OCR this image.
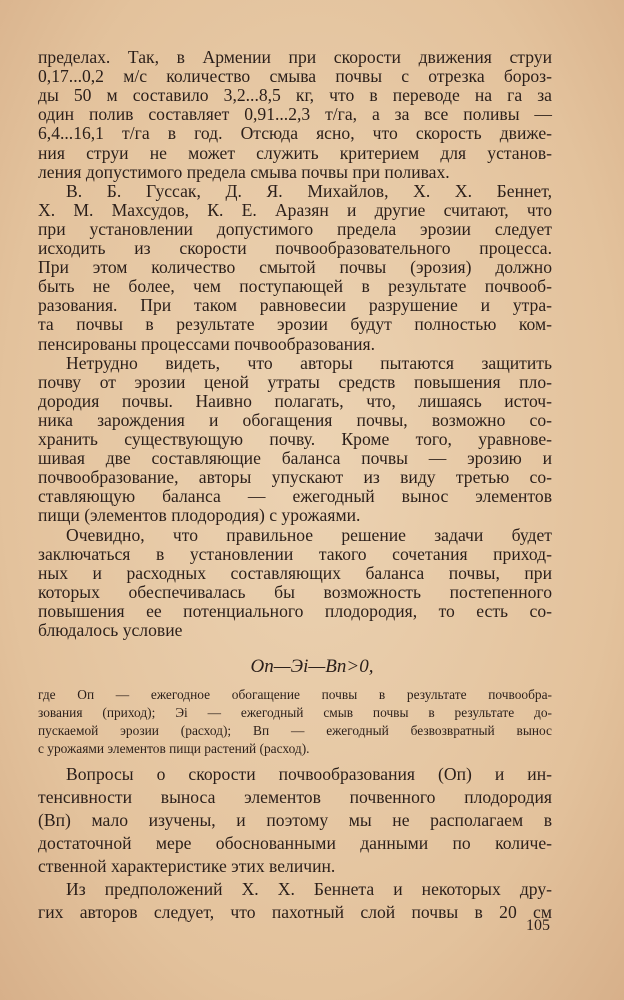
пределах. Так, в Армении при скорости движения струи
0,17...0,2 м/с количество смыва почвы с отрезка бороз-
ды 50 м составило 3,2...8,5 кг, что в переводе на га за
один полив составляет 0,91...2,3 т/га, а за все поливы —
6,4...16,1 т/га в год. Отсюда ясно, что скорость движе-
ния струи не может служить критерием для установ-
ления допустимого предела смыва почвы при поливах.
В. Б. Гуссак, Д. Я. Михайлов, Х. Х. Беннет,
Х. М. Махсудов, К. Е. Аразян и другие считают, что
при установлении допустимого предела эрозии следует
исходить из скорости почвообразовательного процесса.
При этом количество смытой почвы (эрозия) должно
быть не более, чем поступающей в результате почвооб-
разования. При таком равновесии разрушение и утра-
та почвы в результате эрозии будут полностью ком-
пенсированы процессами почвообразования.
Нетрудно видеть, что авторы пытаются защитить
почву от эрозии ценой утраты средств повышения пло-
дородия почвы. Наивно полагать, что, лишаясь источ-
ника зарождения и обогащения почвы, возможно со-
хранить существующую почву. Кроме того, уравнове-
шивая две составляющие баланса почвы — эрозию и
почвообразование, авторы упускают из виду третью со-
ставляющую баланса — ежегодный вынос элементов
пищи (элементов плодородия) с урожаями.
Очевидно, что правильное решение задачи будет
заключаться в установлении такого сочетания приход-
ных и расходных составляющих баланса почвы, при
которых обеспечивалась бы возможность постепенного
повышения ее потенциального плодородия, то есть со-
блюдалось условие
Оп—Эi—Вп>0,
где Оп — ежегодное обогащение почвы в результате почвообра-
зования (приход); Эi — ежегодный смыв почвы в результате до-
пускаемой эрозии (расход); Вп — ежегодный безвозвратный вынос
с урожаями элементов пищи растений (расход).
105
Вопросы о скорости почвообразования (Оп) и ин-
тенсивности выноса элементов почвенного плодородия
(Вп) мало изучены, и поэтому мы не располагаем в
достаточной мере обоснованными данными по количе-
ственной характеристике этих величин.
Из предположений Х. Х. Беннета и некоторых дру-
гих авторов следует, что пахотный слой почвы в 20 см
